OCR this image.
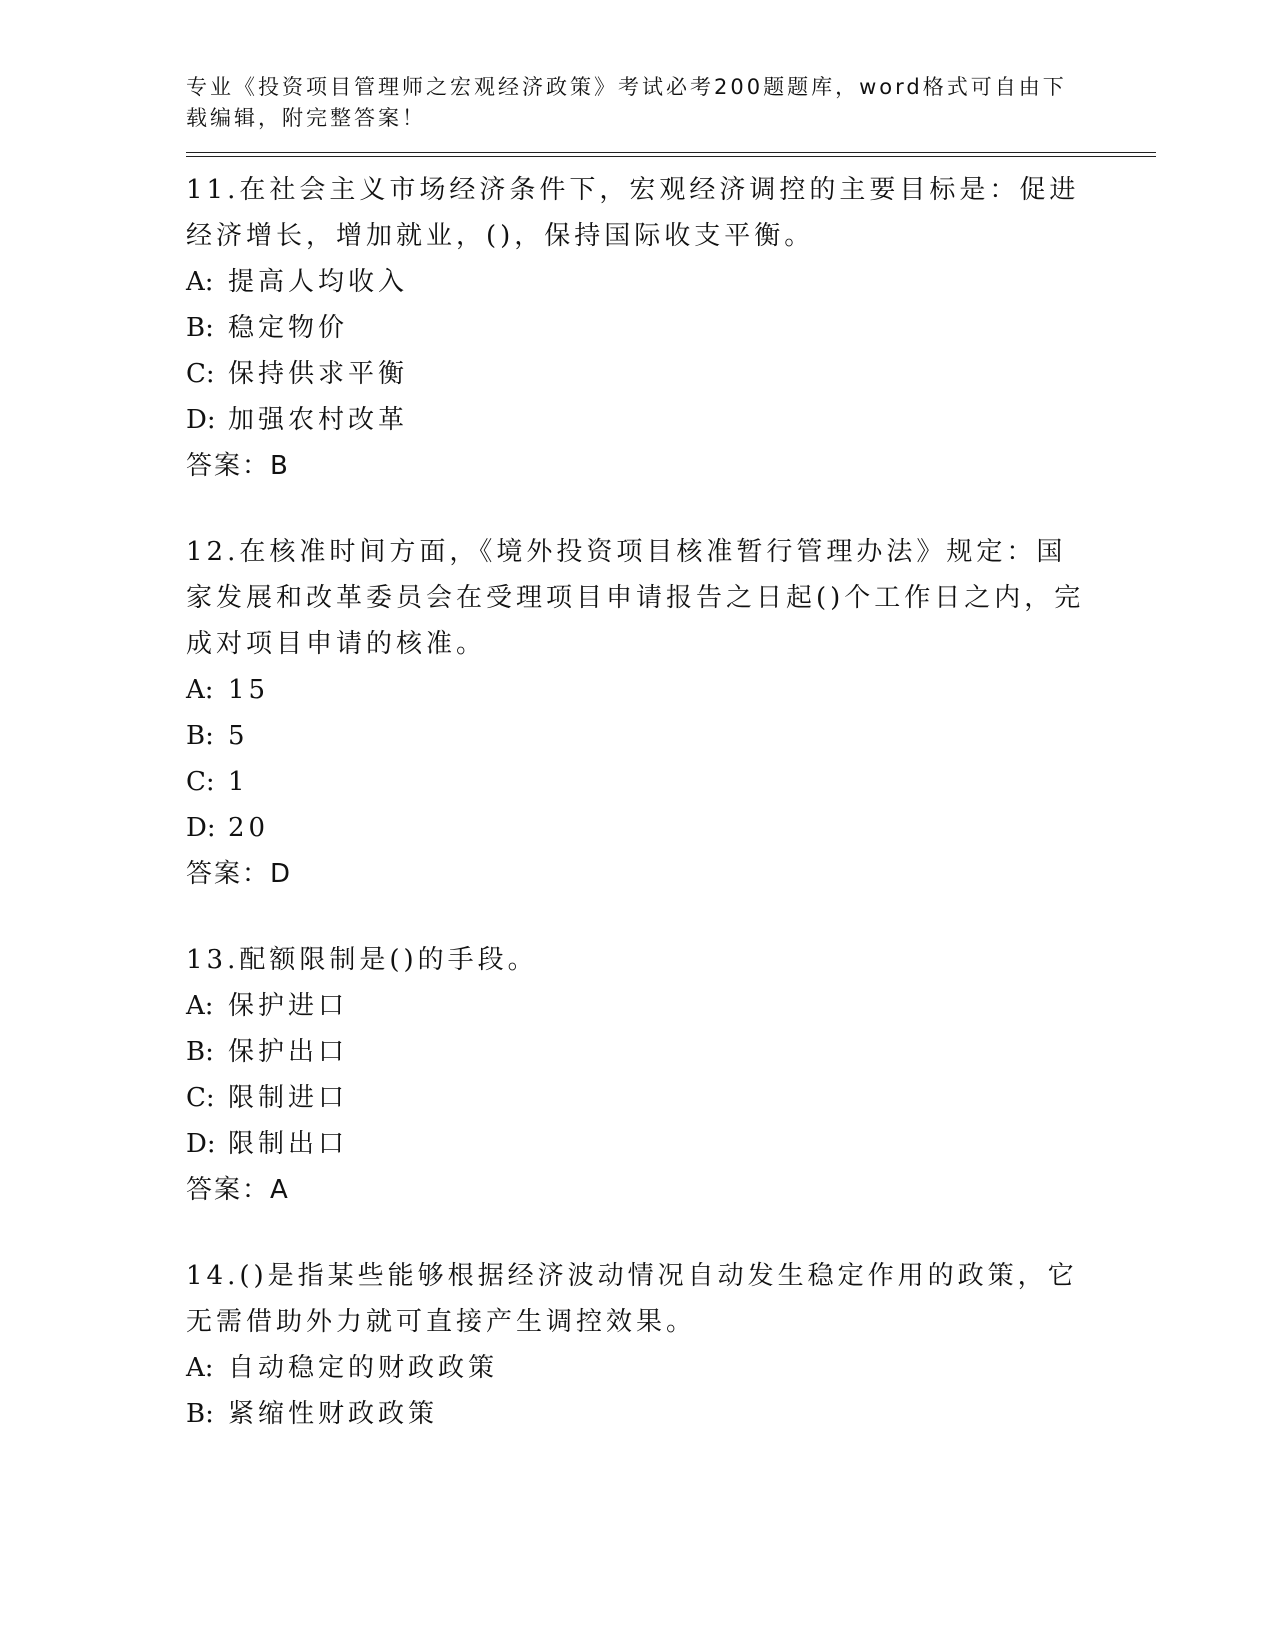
专业《投资项目管理师之宏观经济政策》考试必考200题题库，word格式可自由下载编辑，附完整答案！
11.在社会主义市场经济条件下，宏观经济调控的主要目标是：促进经济增长，增加就业，()，保持国际收支平衡。
A: 提高人均收入
B: 稳定物价
C: 保持供求平衡
D: 加强农村改革
答案：B
12.在核准时间方面，《境外投资项目核准暂行管理办法》规定：国家发展和改革委员会在受理项目申请报告之日起()个工作日之内，完成对项目申请的核准。
A: 15
B: 5
C: 1
D: 20
答案：D
13.配额限制是()的手段。
A: 保护进口
B: 保护出口
C: 限制进口
D: 限制出口
答案：A
14.()是指某些能够根据经济波动情况自动发生稳定作用的政策，它无需借助外力就可直接产生调控效果。
A: 自动稳定的财政政策
B: 紧缩性财政政策
